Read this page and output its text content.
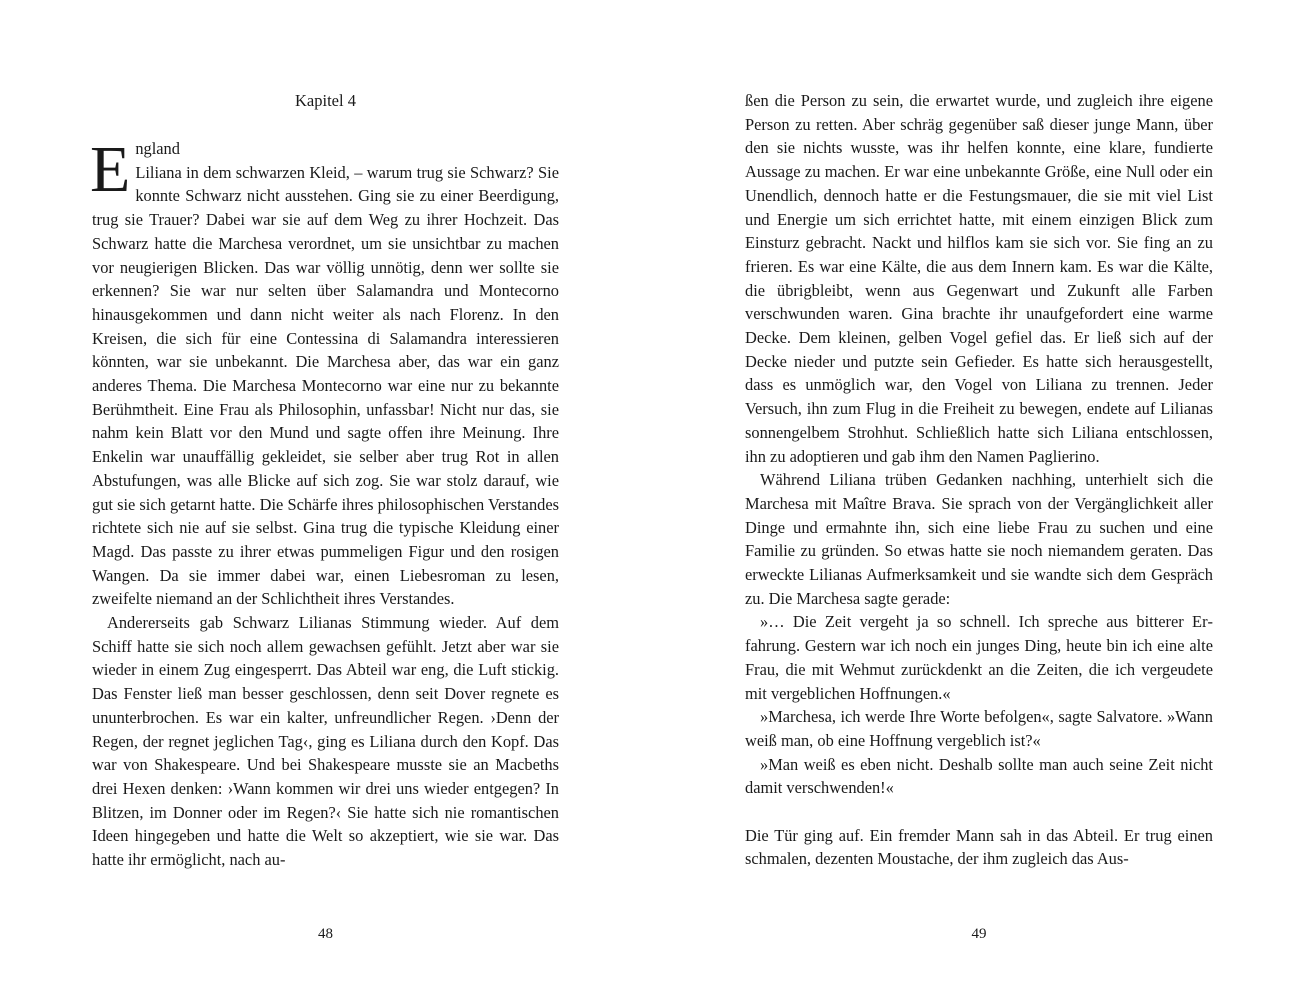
Kapitel 4
E ngland

Liliana in dem schwarzen Kleid, – warum trug sie Schwarz? Sie konnte Schwarz nicht ausstehen. Ging sie zu einer Beerdigung, trug sie Trauer? Dabei war sie auf dem Weg zu ihrer Hochzeit. Das Schwarz hatte die Marchesa verordnet, um sie unsichtbar zu machen vor neugierigen Blicken. Das war völlig unnötig, denn wer sollte sie erkennen? Sie war nur selten über Salamandra und Montecorno hinausgekommen und dann nicht weiter als nach Florenz. In den Kreisen, die sich für eine Contessina di Salamandra interessieren könnten, war sie unbekannt. Die Marchesa aber, das war ein ganz anderes Thema. Die Marchesa Montecorno war eine nur zu bekannte Berühmtheit. Eine Frau als Philosophin, unfassbar! Nicht nur das, sie nahm kein Blatt vor den Mund und sagte offen ihre Meinung. Ihre Enkelin war unauffällig gekleidet, sie selber aber trug Rot in allen Abstufungen, was alle Blicke auf sich zog. Sie war stolz darauf, wie gut sie sich getarnt hatte. Die Schärfe ihres philosophischen Verstandes richtete sich nie auf sie selbst. Gina trug die typische Kleidung einer Magd. Das passte zu ihrer etwas pummeligen Figur und den rosigen Wangen. Da sie immer dabei war, einen Liebesroman zu lesen, zweifelte niemand an der Schlichtheit ihres Verstandes.

Andererseits gab Schwarz Lilianas Stimmung wieder. Auf dem Schiff hatte sie sich noch allem gewachsen gefühlt. Jetzt aber war sie wieder in einem Zug eingesperrt. Das Abteil war eng, die Luft stickig. Das Fenster ließ man besser geschlossen, denn seit Dover regnete es ununterbrochen. Es war ein kalter, unfreundlicher Regen. ›Denn der Regen, der regnet jeglichen Tag‹, ging es Liliana durch den Kopf. Das war von Shakespeare. Und bei Shakespeare musste sie an Macbeths drei Hexen denken: ›Wann kommen wir drei uns wieder entgegen? In Blitzen, im Donner oder im Regen?‹ Sie hatte sich nie romantischen Ideen hingegeben und hatte die Welt so akzeptiert, wie sie war. Das hatte ihr ermöglicht, nach au-

48

ßen die Person zu sein, die erwartet wurde, und zugleich ihre eigene Person zu retten. Aber schräg gegenüber saß dieser junge Mann, über den sie nichts wusste, was ihr helfen konnte, eine klare, fundierte Aussage zu machen. Er war eine unbekannte Größe, eine Null oder ein Unendlich, dennoch hatte er die Festungsmauer, die sie mit viel List und Energie um sich errichtet hatte, mit einem einzigen Blick zum Einsturz gebracht. Nackt und hilflos kam sie sich vor. Sie fing an zu frieren. Es war eine Kälte, die aus dem Innern kam. Es war die Kälte, die übrigbleibt, wenn aus Gegenwart und Zukunft alle Farben verschwunden waren. Gina brachte ihr unaufgefordert eine warme Decke. Dem kleinen, gelben Vogel gefiel das. Er ließ sich auf der Decke nieder und putzte sein Gefieder. Es hatte sich herausgestellt, dass es unmöglich war, den Vogel von Liliana zu trennen. Jeder Versuch, ihn zum Flug in die Freiheit zu bewegen, endete auf Lilianas sonnengelbem Strohhut. Schließlich hatte sich Liliana entschlossen, ihn zu adoptieren und gab ihm den Namen Paglierino.

Während Liliana trüben Gedanken nachhing, unterhielt sich die Marchesa mit Maître Brava. Sie sprach von der Vergänglichkeit aller Dinge und ermahnte ihn, sich eine liebe Frau zu suchen und eine Familie zu gründen. So etwas hatte sie noch niemandem geraten. Das erweckte Lilianas Aufmerksamkeit und sie wandte sich dem Gespräch zu. Die Marchesa sagte gerade:

»… Die Zeit vergeht ja so schnell. Ich spreche aus bitterer Erfahrung. Gestern war ich noch ein junges Ding, heute bin ich eine alte Frau, die mit Wehmut zurückdenkt an die Zeiten, die ich vergeudete mit vergeblichen Hoffnungen.«

»Marchesa, ich werde Ihre Worte befolgen«, sagte Salvatore. »Wann weiß man, ob eine Hoffnung vergeblich ist?«

»Man weiß es eben nicht. Deshalb sollte man auch seine Zeit nicht damit verschwenden!«

Die Tür ging auf. Ein fremder Mann sah in das Abteil. Er trug einen schmalen, dezenten Moustache, der ihm zugleich das Aus-

49
